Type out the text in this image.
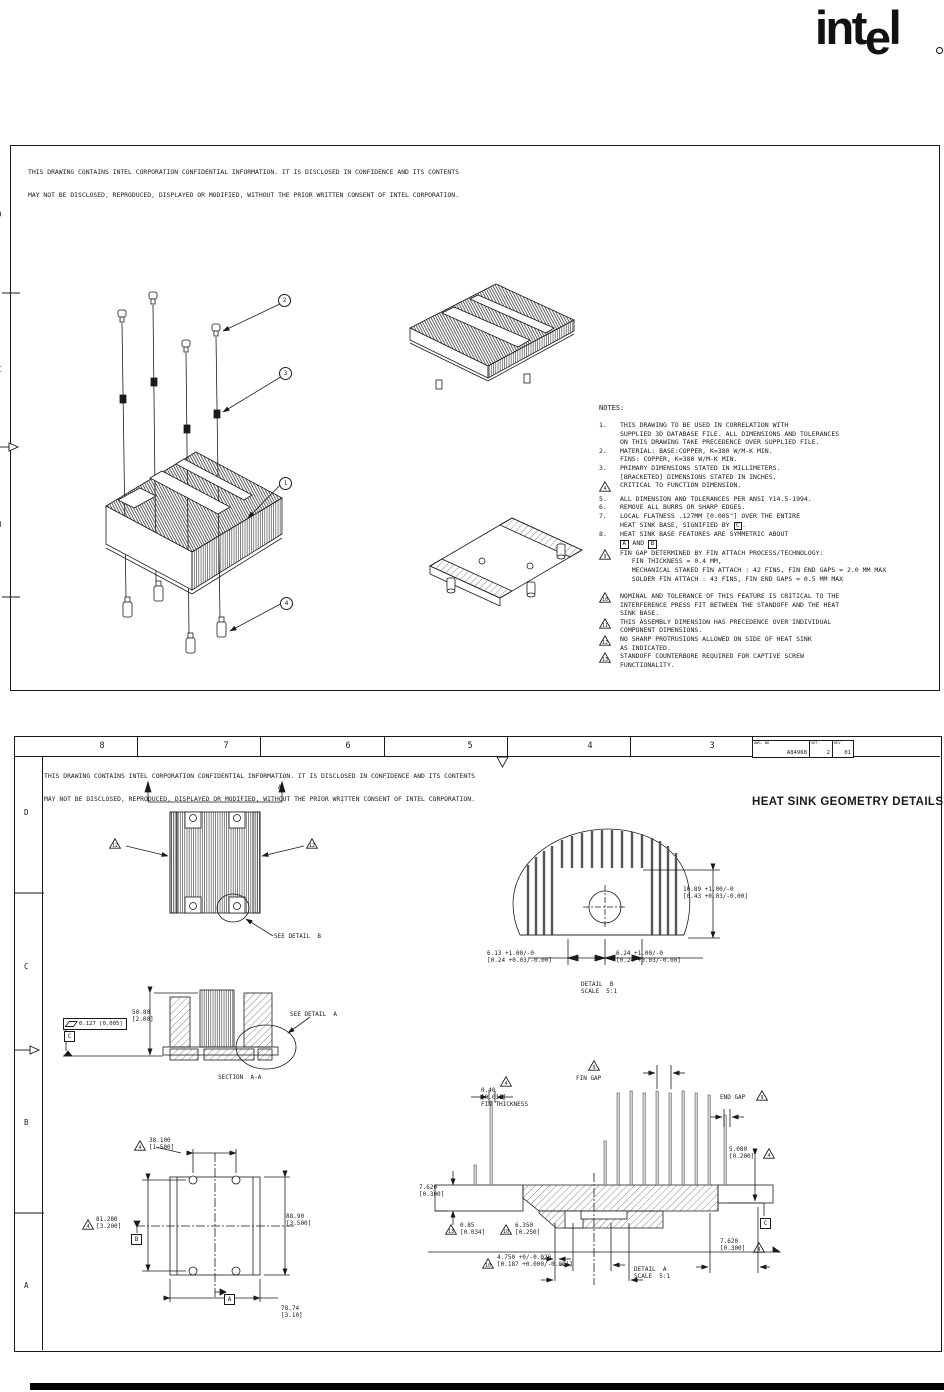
intel

THIS DRAWING CONTAINS INTEL CORPORATION CONFIDENTIAL INFORMATION. IT IS DISCLOSED IN CONFIDENCE AND ITS CONTENTS

MAY NOT BE DISCLOSED, REPRODUCED, DISPLAYED OR MODIFIED, WITHOUT THE PRIOR WRITTEN CONSENT OF INTEL CORPORATION.

NOTES:
1.	THIS DRAWING TO BE USED IN CORRELATION WITH
SUPPLIED 3D DATABASE FILE. ALL DIMENSIONS AND TOLERANCES
ON THIS DRAWING TAKE PRECEDENCE OVER SUPPLIED FILE.
2.	MATERIAL: BASE:COPPER, K=380 W/M-K MIN.
FINS: COPPER, K=380 W/M-K MIN.
3.	PRIMARY DIMENSIONS STATED IN MILLIMETERS.
[BRACKETED] DIMENSIONS STATED IN INCHES.
4 CRITICAL TO FUNCTION DIMENSION.
5.	ALL DIMENSION AND TOLERANCES PER ANSI Y14.5-1994.
6.	REMOVE ALL BURRS OR SHARP EDGES.
7.	LOCAL FLATNESS .127MM [0.005"] OVER THE ENTIRE
HEAT SINK BASE, SIGNIFIED BY C .
8.	HEAT SINK BASE FEATURES ARE SYMMETRIC ABOUT
A AND B
9 FIN GAP DETERMINED BY FIN ATTACH PROCESS/TECHNOLOGY:
FIN THICKNESS = 0.4 MM,
MECHANICAL STAKED FIN ATTACH : 42 FINS, FIN END GAPS = 2.0 MM MAX
SOLDER FIN ATTACH : 43 FINS, FIN END GAPS = 0.5 MM MAX
10 NOMINAL AND TOLERANCE OF THIS FEATURE IS CRITICAL TO THE
INTERFERENCE PRESS FIT BETWEEN THE STANDOFF AND THE HEAT
SINK BASE.
11 THIS ASSEMBLY DIMENSION HAS PRECEDENCE OVER INDIVIDUAL
COMPONENT DIMENSIONS.
12 NO SHARP PROTRUSIONS ALLOWED ON SIDE OF HEAT SINK
AS INDICATED.
13 STANDOFF COUNTERBORE REQUIRED FOR CAPTIVE SCREW
FUNCTIONALITY.

THIS DRAWING CONTAINS INTEL CORPORATION CONFIDENTIAL INFORMATION. IT IS DISCLOSED IN CONFIDENCE AND ITS CONTENTS

MAY NOT BE DISCLOSED, REPRODUCED, DISPLAYED OR MODIFIED, WITHOUT THE PRIOR WRITTEN CONSENT OF INTEL CORPORATION.

DWG. NO
A84968
SHT.
2
REV
01
HEAT SINK GEOMETRY DETAILS
8	7	6	5	4	3
D
C
B
A
1
2
3
4
A	A
12	12
SEE DETAIL  B
0.127 [0.005]
C
50.80
[2.00]
SEE DETAIL  A
SECTION  A-A
4
38.100
[1.500]
4
81.280
[3.200]
88.90
[3.500]
78.74
[3.10]
B
A
10.89 +1.00/-0
[0.43 +0.03/-0.00]
6.13 +1.00/-0
[0.24 +0.03/-0.00]
6.24 +1.00/-0
[0.24 +0.03/-0.00]
DETAIL  B
SCALE  5:1
9
FIN GAP
4
0.40
[0.016]
FIN THICKNESS
END GAP	9
5.080
[0.200]	4
7.620
[0.300]
13
0.85
[0.034]	10
6.350
[0.250]
10
4.750 +0/-0.026
[0.187 +0.000/-0.001]
7.620
[0.300] 4
DETAIL  A
SCALE  5:1
C
